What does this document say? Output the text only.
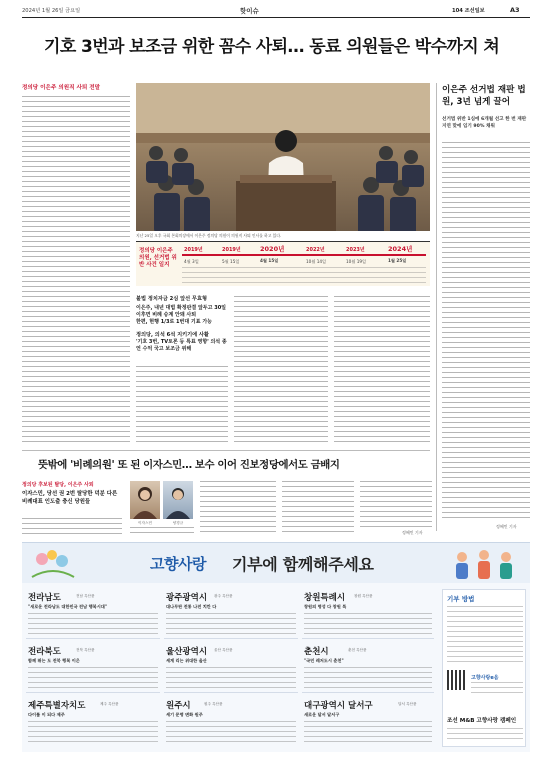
2024년 1월 26일 금요일	핫이슈	104 조선일보	A3
기호 3번과 보조금 위한 꼼수 사퇴… 동료 의원들은 박수까지 쳐
정의당 이은주 의원직 사퇴 전말
지난 25일 오후 국회 본회의장에서 이은주 정의당 의원이 의원직 사퇴 인사를 하고 있다.
정의당 이은주 의원, 선거법 위반 사건 일지
2019년
4월 3일
2019년
5월 15일
2020년
4월 15일
2022년
10월 14일
2023년
10월 19일
2024년
1월 25일
불법 정치자금 2심 앞선 무효형
이은주, 내년 대법 확정판결 앞두고 30일 이후면 비례 승계 안돼 사퇴
한편, 현행 1/3로 1번대 기표 가능
정의당, 의석 6석 지키기에 사활
'기호 3번, TV토론 등 특표 영향' 의석 종언 수억 국고 보조금 위해
이은주 선거법 재판 법원, 3년 넘게 끌어
선거법 위반 1심에 6개월 선고 한 번 재판 지연 맞에 임기 90% 채워
정혜민 기자
뜻밖에 '비례의원' 또 된 이자스민… 보수 이어 진보정당에서도 금배지
정의당 후보된 탈당, 이은주 사퇴
이자스민, 당선 권 2번 탈당한 덕분 다른 비례대표 인도출 충신 당원들
이자스민	양경규
정혜민 기자
고향사랑 기부에 함께해주세요
전라남도	전남 특산품
"새로운 전라남도 대한민국 전남 행복시대"
광주광역시 광주 특산품
대나무판 전통 나전 치칸 다
창원특례시 창원 특산품
창원의 명성 다 창원 특
전라북도	전북 특산품
함께 뛰는 도 전북 행복 이은
울산광역시 울산 특산품
세계 리는 위대한 울산
춘천시	춘천 특산품
"국민 레저도시 춘천"
제주특별자치도	제주 특산품
다이를 이 되다 제주
원주시	원주 특산품
세기 문명 변화 원주
대구광역시 달서구	달서 특산품
새로운 달서 달서구
기부 방법
고향사랑e음
조선 M&B 고향사랑 캠페인
